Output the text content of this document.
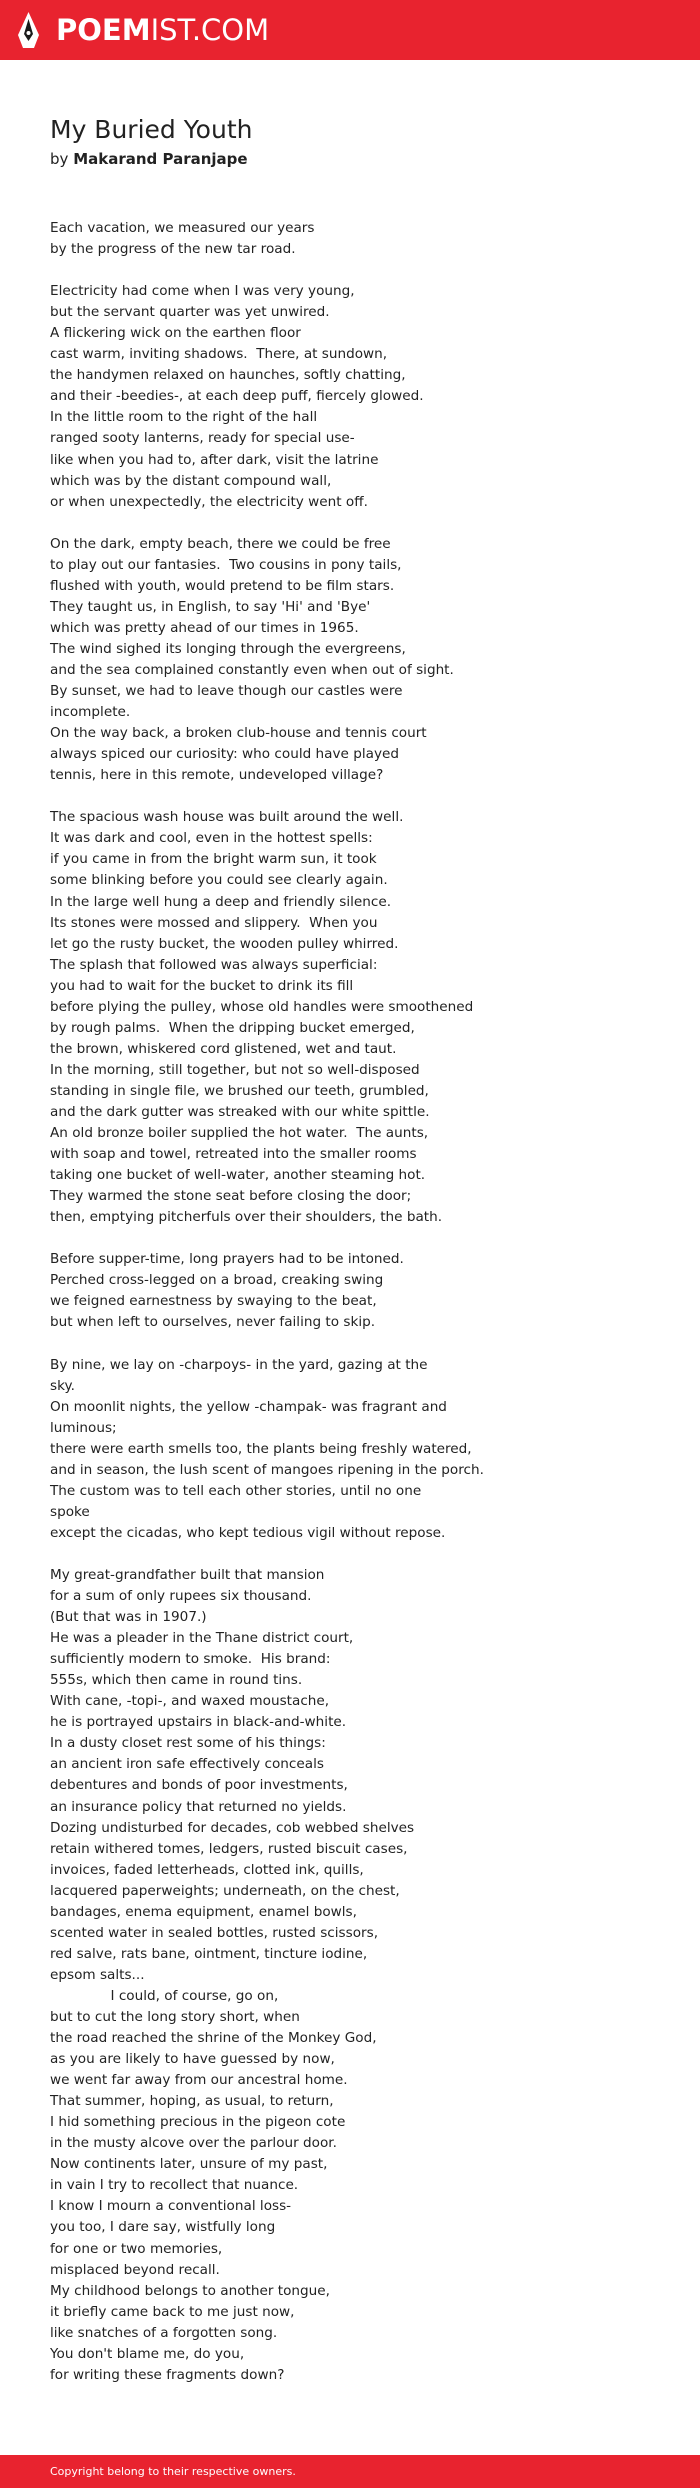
POEMIST.COM
My Buried Youth
by Makarand Paranjape
Each vacation, we measured our years
by the progress of the new tar road.
Electricity had come when I was very young,
but the servant quarter was yet unwired.
A flickering wick on the earthen floor
cast warm, inviting shadows.  There, at sundown,
the handymen relaxed on haunches, softly chatting,
and their -beedies-, at each deep puff, fiercely glowed.
In the little room to the right of the hall
ranged sooty lanterns, ready for special use-
like when you had to, after dark, visit the latrine
which was by the distant compound wall,
or when unexpectedly, the electricity went off.
On the dark, empty beach, there we could be free
to play out our fantasies.  Two cousins in pony tails,
flushed with youth, would pretend to be film stars.
They taught us, in English, to say 'Hi' and 'Bye'
which was pretty ahead of our times in 1965.
The wind sighed its longing through the evergreens,
and the sea complained constantly even when out of sight.
By sunset, we had to leave though our castles were
incomplete.
On the way back, a broken club-house and tennis court
always spiced our curiosity: who could have played
tennis, here in this remote, undeveloped village?
The spacious wash house was built around the well.
It was dark and cool, even in the hottest spells:
if you came in from the bright warm sun, it took
some blinking before you could see clearly again.
In the large well hung a deep and friendly silence.
Its stones were mossed and slippery.  When you
let go the rusty bucket, the wooden pulley whirred.
The splash that followed was always superficial:
you had to wait for the bucket to drink its fill
before plying the pulley, whose old handles were smoothened
by rough palms.  When the dripping bucket emerged,
the brown, whiskered cord glistened, wet and taut.
In the morning, still together, but not so well-disposed
standing in single file, we brushed our teeth, grumbled,
and the dark gutter was streaked with our white spittle.
An old bronze boiler supplied the hot water.  The aunts,
with soap and towel, retreated into the smaller rooms
taking one bucket of well-water, another steaming hot.
They warmed the stone seat before closing the door;
then, emptying pitcherfuls over their shoulders, the bath.
Before supper-time, long prayers had to be intoned.
Perched cross-legged on a broad, creaking swing
we feigned earnestness by swaying to the beat,
but when left to ourselves, never failing to skip.
By nine, we lay on -charpoys- in the yard, gazing at the
sky.
On moonlit nights, the yellow -champak- was fragrant and
luminous;
there were earth smells too, the plants being freshly watered,
and in season, the lush scent of mangoes ripening in the porch.
The custom was to tell each other stories, until no one
spoke
except the cicadas, who kept tedious vigil without repose.
My great-grandfather built that mansion
for a sum of only rupees six thousand.
(But that was in 1907.)
He was a pleader in the Thane district court,
sufficiently modern to smoke.  His brand:
555s, which then came in round tins.
With cane, -topi-, and waxed moustache,
he is portrayed upstairs in black-and-white.
In a dusty closet rest some of his things:
an ancient iron safe effectively conceals
debentures and bonds of poor investments,
an insurance policy that returned no yields.
Dozing undisturbed for decades, cob webbed shelves
retain withered tomes, ledgers, rusted biscuit cases,
invoices, faded letterheads, clotted ink, quills,
lacquered paperweights; underneath, on the chest,
bandages, enema equipment, enamel bowls,
scented water in sealed bottles, rusted scissors,
red salve, rats bane, ointment, tincture iodine,
epsom salts...
I could, of course, go on,
but to cut the long story short, when
the road reached the shrine of the Monkey God,
as you are likely to have guessed by now,
we went far away from our ancestral home.
That summer, hoping, as usual, to return,
I hid something precious in the pigeon cote
in the musty alcove over the parlour door.
Now continents later, unsure of my past,
in vain I try to recollect that nuance.
I know I mourn a conventional loss-
you too, I dare say, wistfully long
for one or two memories,
misplaced beyond recall.
My childhood belongs to another tongue,
it briefly came back to me just now,
like snatches of a forgotten song.
You don't blame me, do you,
for writing these fragments down?
Copyright belong to their respective owners.
